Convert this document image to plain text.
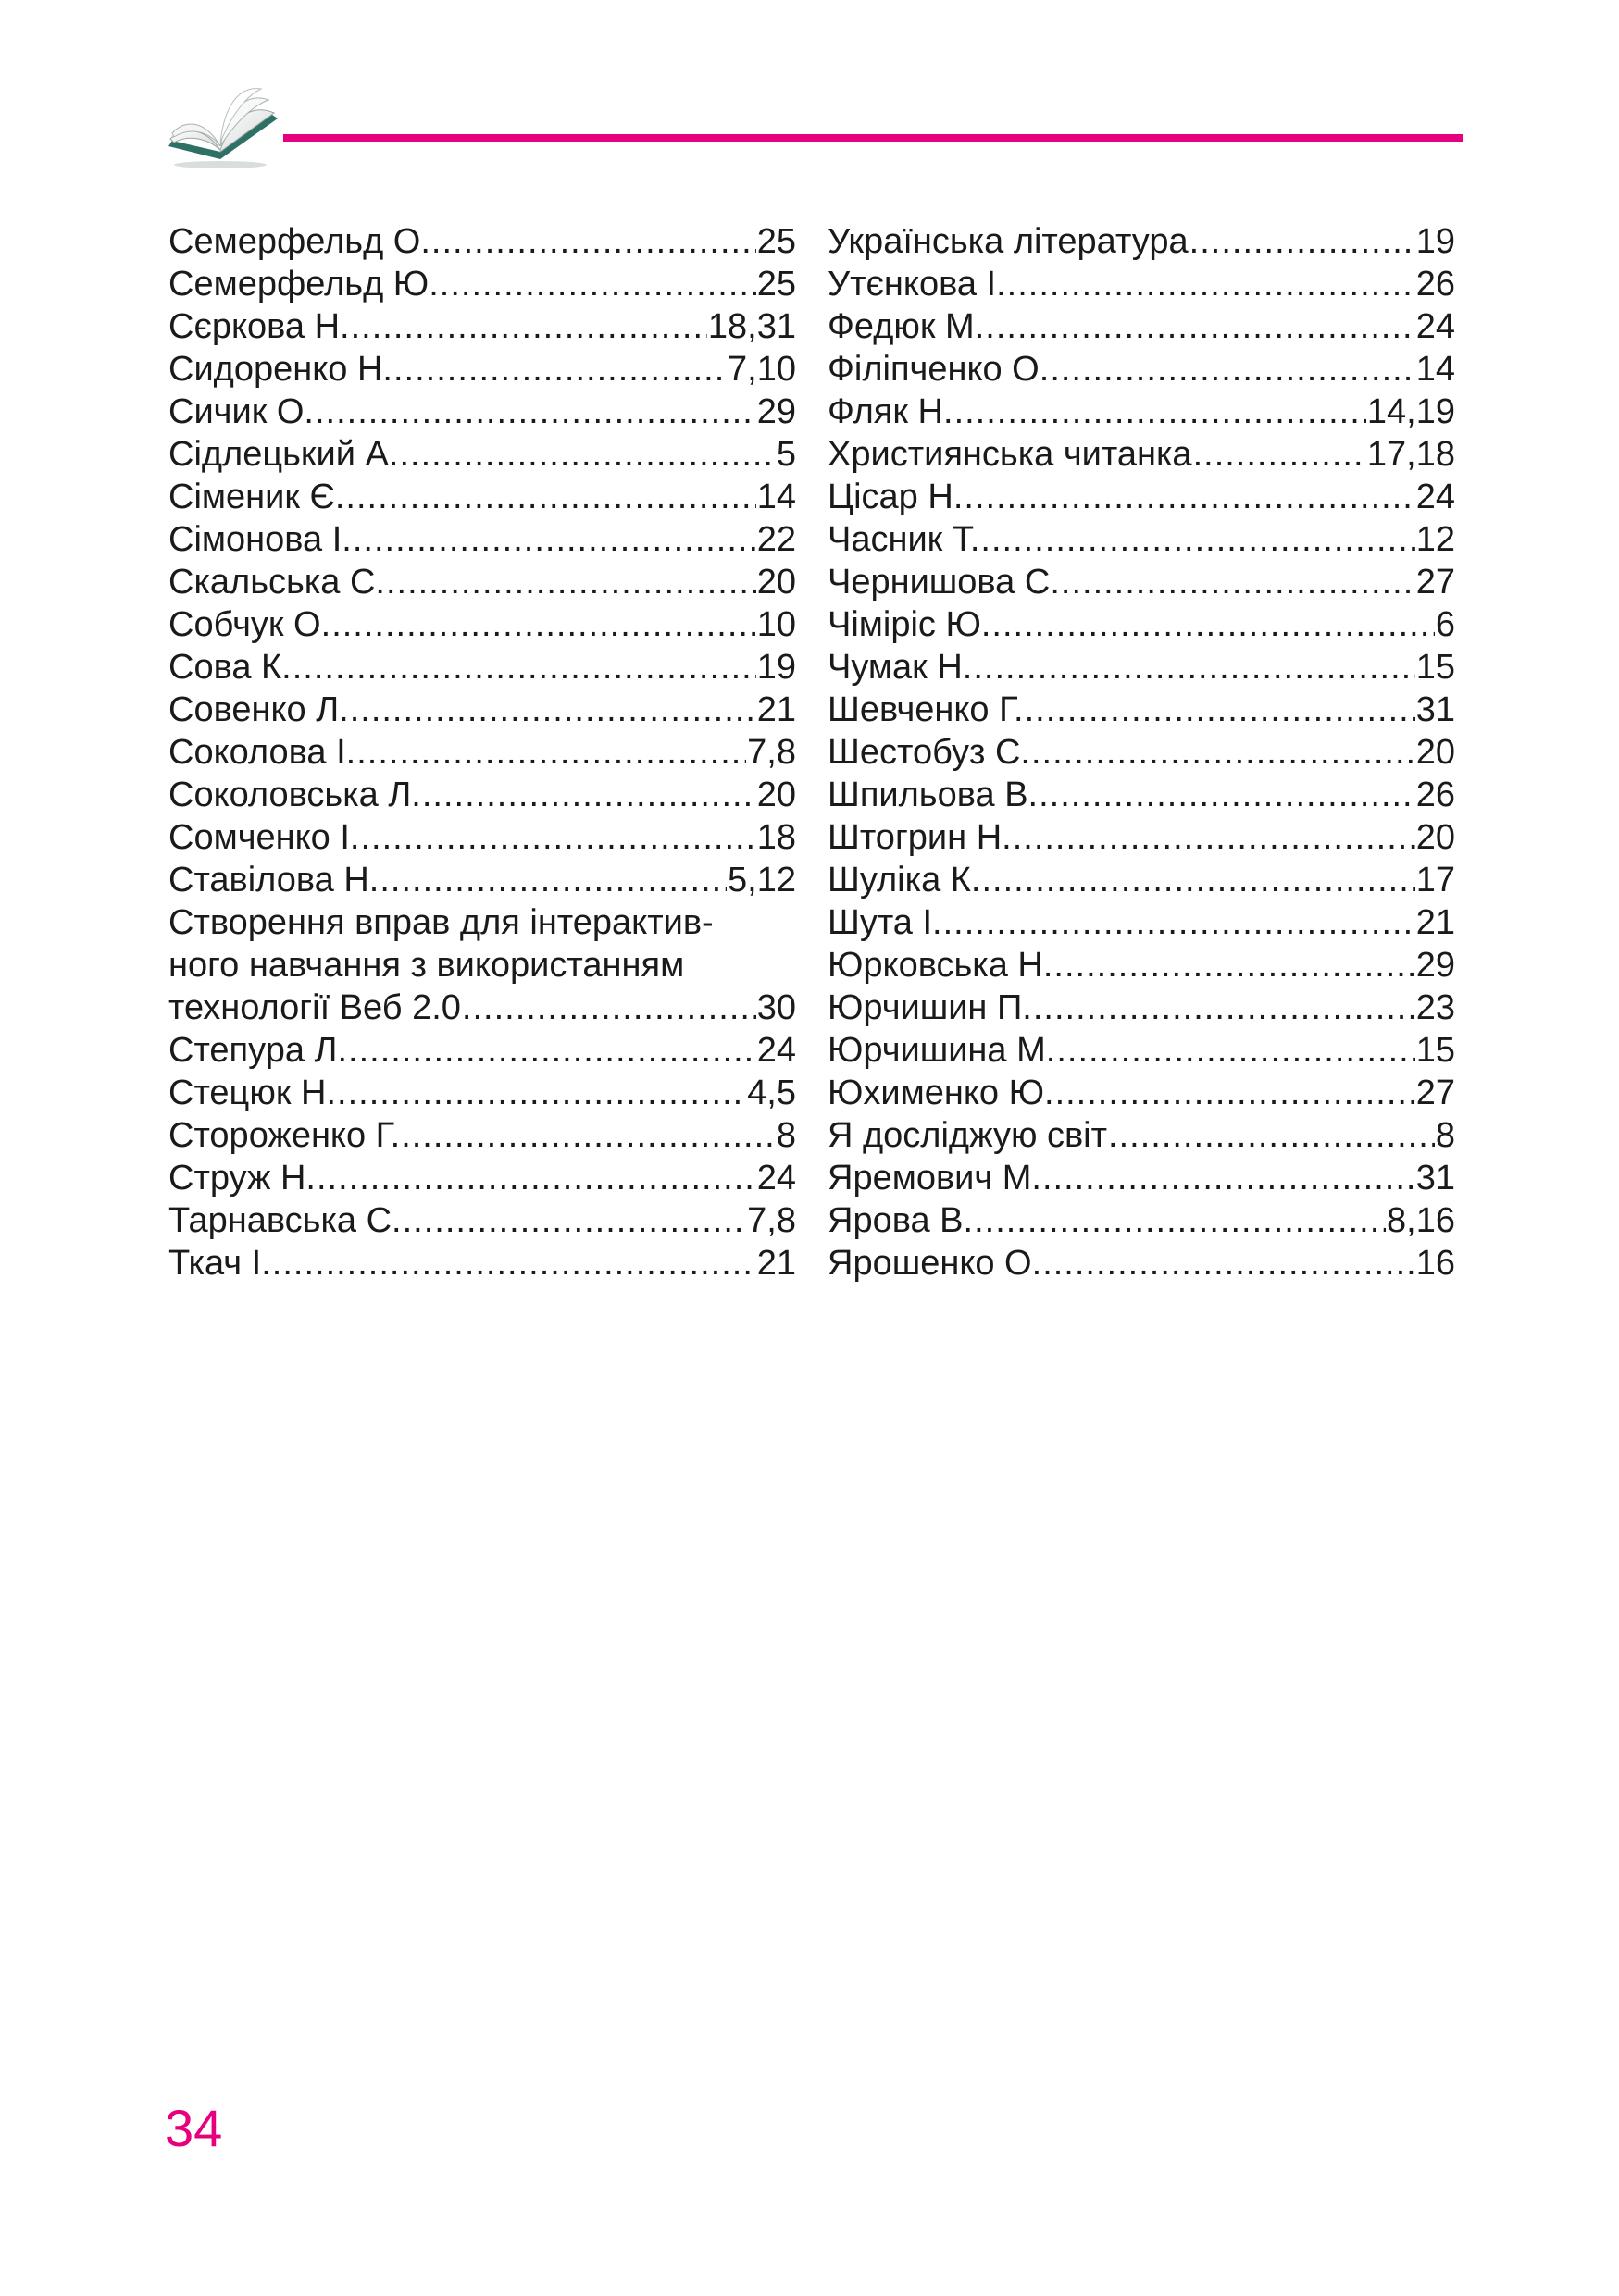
Семерфельд О. .....	25
Семерфельд Ю. .....	25
Сєркова Н. .....	18,31
Сидоренко Н. .....	7,10
Сичик О. .....	29
Сідлецький А. .....	5
Сіменик Є. .....	14
Сімонова І. .....	22
Скальська С. .....	20
Собчук О. .....	10
Сова К. .....	19
Совенко Л. .....	21
Соколова І. .....	7,8
Соколовська Л. .....	20
Сомченко І. .....	18
Ставілова Н. .....	5,12
Створення вправ для інтерактив-
ного навчання з використанням
технології Веб 2.0 .....	30
Степура Л. .....	24
Стецюк Н. .....	4,5
Стороженко Г. .....	8
Струж Н. .....	24
Тарнавська С. .....	7,8
Ткач І. .....	21
Українська література .....	19
Утєнкова І. .....	26
Федюк М. .....	24
Філіпченко О. .....	14
Фляк Н. .....	14,19
Християнська читанка .....	17,18
Цісар Н. .....	24
Часник Т. .....	12
Чернишова С. .....	27
Чіміріс Ю. .....	6
Чумак Н. .....	15
Шевченко Г. .....	31
Шестобуз С. .....	20
Шпильова В. .....	26
Штогрин Н. .....	20
Шуліка К. .....	17
Шута І. .....	21
Юрковська Н. .....	29
Юрчишин П. .....	23
Юрчишина М. .....	15
Юхименко Ю. .....	27
Я досліджую світ .....	8
Яремович М. .....	31
Ярова В. .....	8,16
Ярошенко О. .....	16
34
